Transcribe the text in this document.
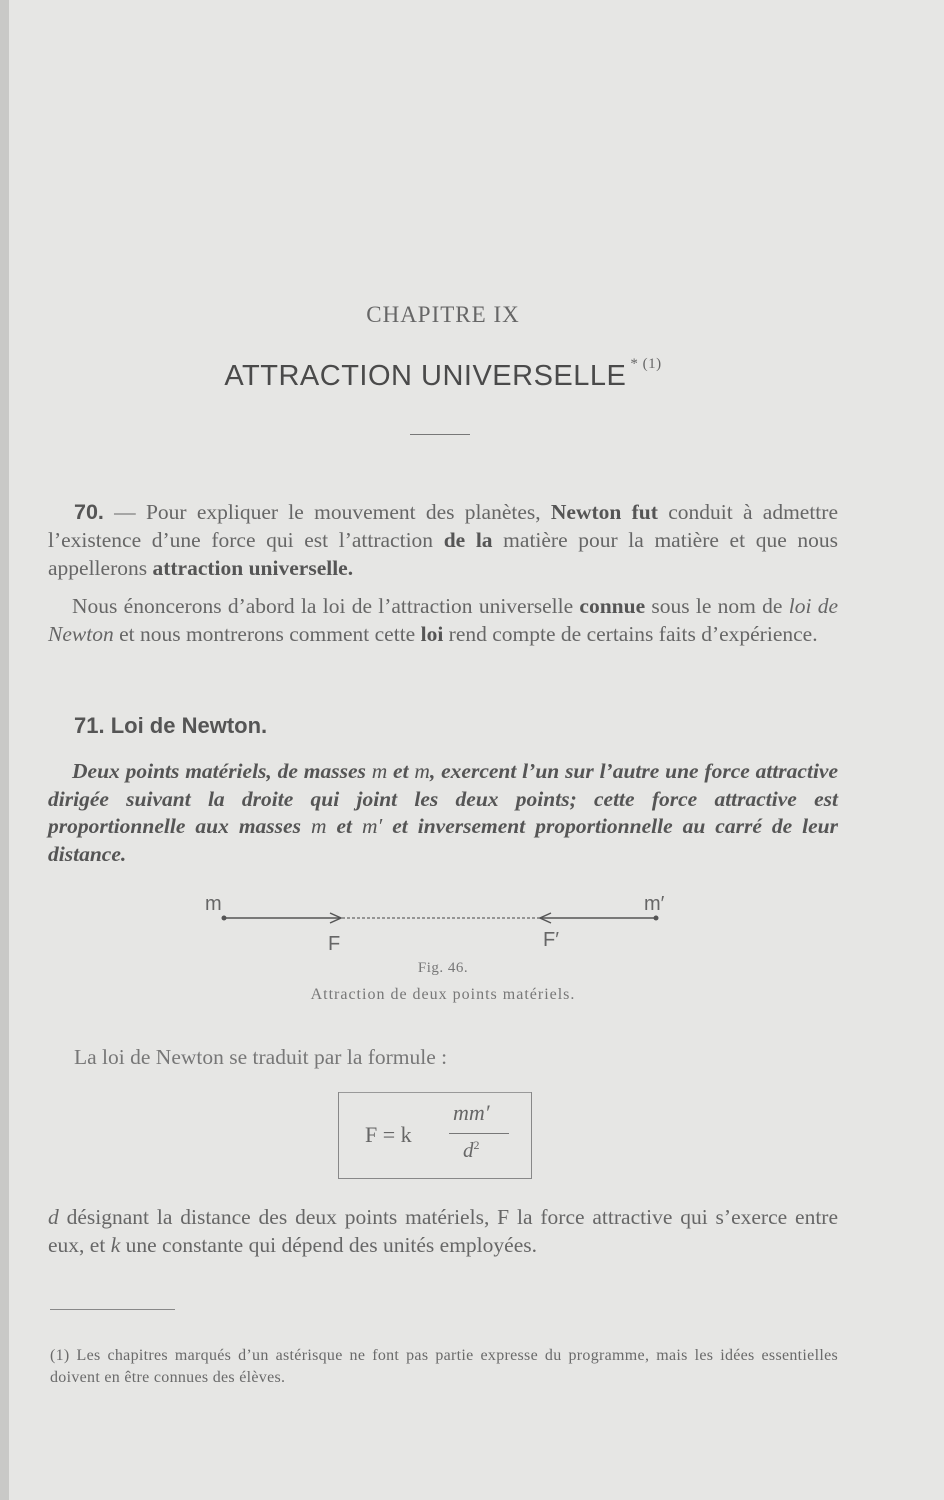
CHAPITRE IX
ATTRACTION UNIVERSELLE $^{* (1)}$
70. — Pour expliquer le mouvement des planètes, Newton fut conduit à admettre l’existence d’une force qui est l’attraction de la matière pour la matière et que nous appellerons attraction universelle.
Nous énoncerons d’abord la loi de l’attraction universelle connue sous le nom de loi de Newton et nous montrerons comment cette loi rend compte de certains faits d’expérience.
71. Loi de Newton.
Deux points matériels, de masses m et m, exercent l’un sur l’autre une force attractive dirigée suivant la droite qui joint les deux points; cette force attractive est proportionnelle aux masses m et m′ et inversement proportionnelle au carré de leur distance.
m	m′
F	F′
Fig. 46.
Attraction de deux points matériels.
La loi de Newton se traduit par la formule :
F = k
mm′
$d^2$
d désignant la distance des deux points matériels, F la force attractive qui s’exerce entre eux, et k une constante qui dépend des unités employées.
(1) Les chapitres marqués d’un astérisque ne font pas partie expresse du programme, mais les idées essentielles doivent en être connues des élèves.
